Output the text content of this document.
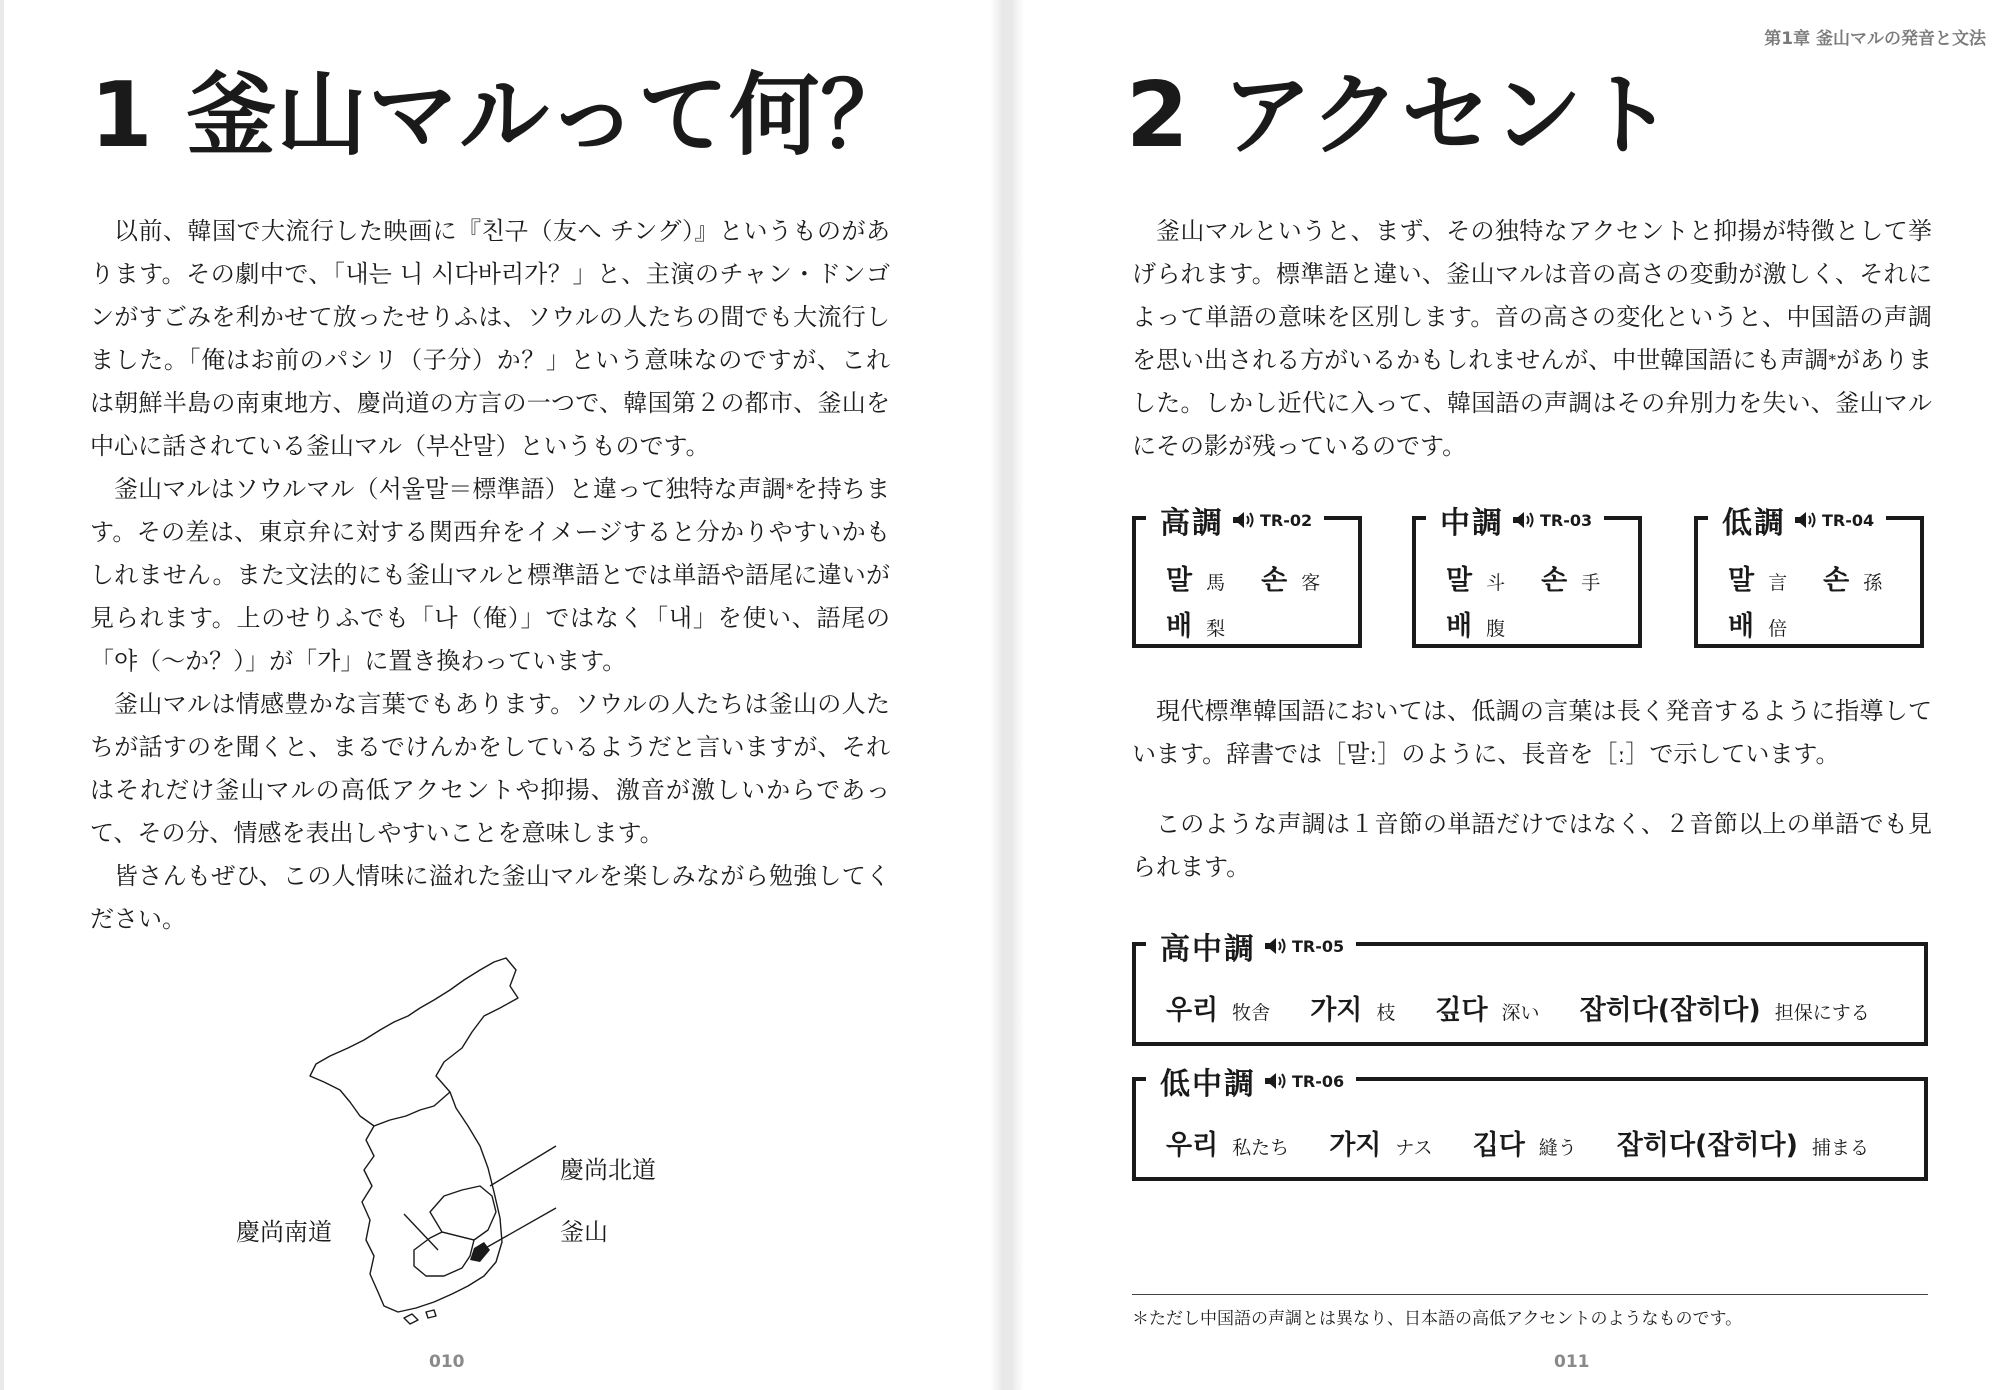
1 釜山マルって何？

以前、韓国で大流行した映画に『친구（友へ チング）』というものがあります。その劇中で、「내는 니 시다바리가？」と、主演のチャン・ドンゴンがすごみを利かせて放ったせりふは、ソウルの人たちの間でも大流行しました。「俺はお前のパシリ（子分）か？」という意味なのですが、これは朝鮮半島の南東地方、慶尚道の方言の一つで、韓国第２の都市、釜山を中心に話されている釜山マル（부산말）というものです。

釜山マルはソウルマル（서울말＝標準語）と違って独特な声調*を持ちます。その差は、東京弁に対する関西弁をイメージすると分かりやすいかもしれません。また文法的にも釜山マルと標準語とでは単語や語尾に違いが見られます。上のせりふでも「나（俺）」ではなく「내」を使い、語尾の「야（〜か？）」が「가」に置き換わっています。

釜山マルは情感豊かな言葉でもあります。ソウルの人たちは釜山の人たちが話すのを聞くと、まるでけんかをしているようだと言いますが、それはそれだけ釜山マルの高低アクセントや抑揚、激音が激しいからであって、その分、情感を表出しやすいことを意味します。

皆さんもぜひ、この人情味に溢れた釜山マルを楽しみながら勉強してください。

慶尚北道
釜山
慶尚南道
010
第1章 釜山マルの発音と文法
2 アクセント

釜山マルというと、まず、その独特なアクセントと抑揚が特徴として挙げられます。標準語と違い、釜山マルは音の高さの変動が激しく、それによって単語の意味を区別します。音の高さの変化というと、中国語の声調を思い出される方がいるかもしれませんが、中世韓国語にも声調*がありました。しかし近代に入って、韓国語の声調はその弁別力を失い、釜山マルにその影が残っているのです。

高調 TR-02
말 馬 손 客
배 梨
中調 TR-03
말 斗 손 手
배 腹
低調 TR-04
말 言 손 孫
배 倍

現代標準韓国語においては、低調の言葉は長く発音するように指導しています。辞書では［말ː］のように、長音を［ː］で示しています。

このような声調は１音節の単語だけではなく、２音節以上の単語でも見られます。

高中調 TR-05
우리 牧舎 가지 枝 깊다 深い 잡히다(잡히다) 担保にする
低中調 TR-06
우리 私たち 가지 ナス 깁다 縫う 잡히다(잡히다) 捕まる
＊ただし中国語の声調とは異なり、日本語の高低アクセントのようなものです。
011
